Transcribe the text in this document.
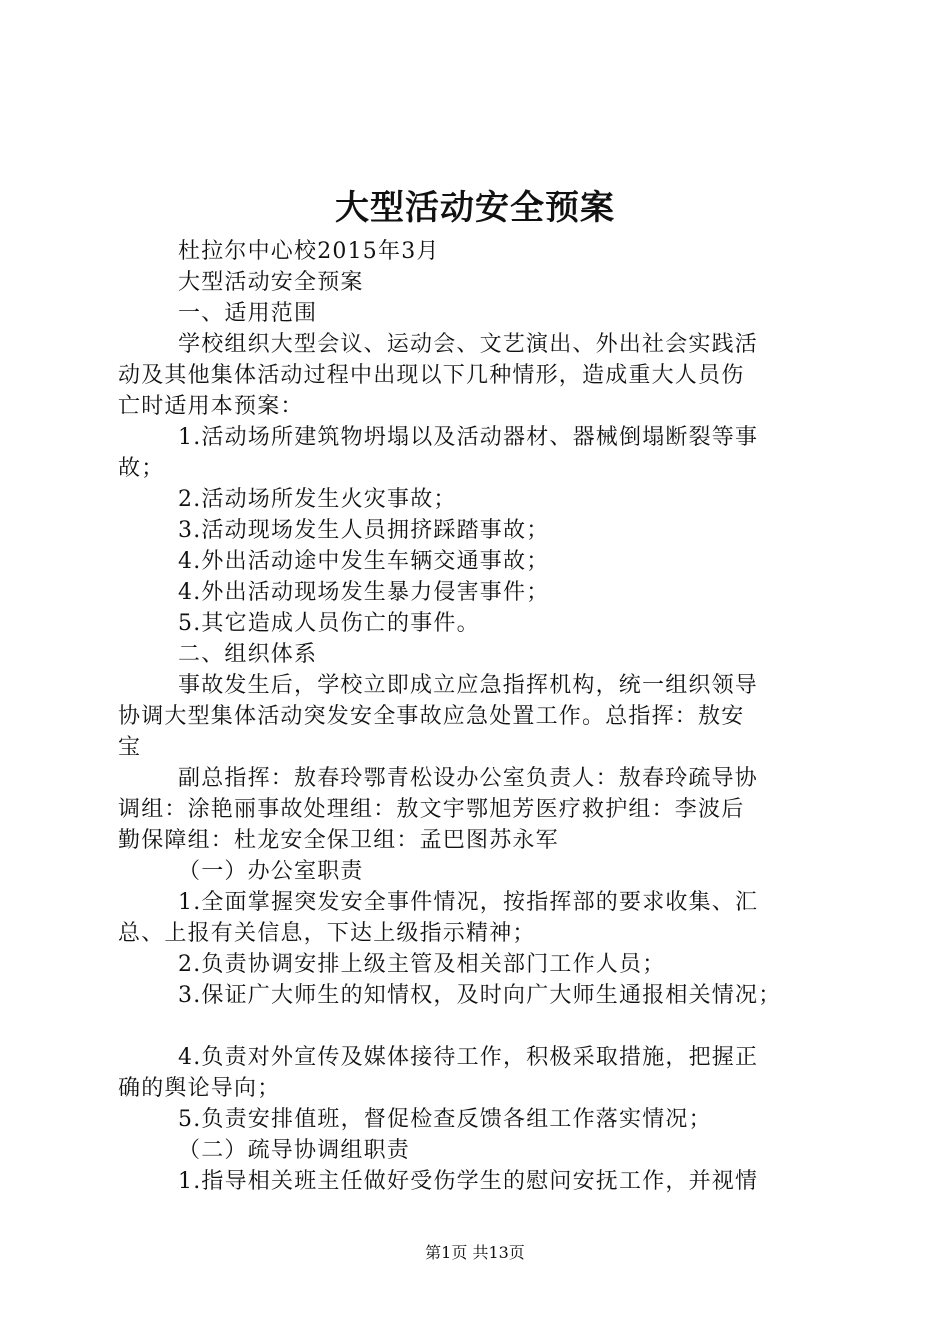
大型活动安全预案
杜拉尔中心校2015年3月
大型活动安全预案
一、适用范围
学校组织大型会议、运动会、文艺演出、外出社会实践活
动及其他集体活动过程中出现以下几种情形，造成重大人员伤
亡时适用本预案：
1.活动场所建筑物坍塌以及活动器材、器械倒塌断裂等事
故；
2.活动场所发生火灾事故；
3.活动现场发生人员拥挤踩踏事故；
4.外出活动途中发生车辆交通事故；
4.外出活动现场发生暴力侵害事件；
5.其它造成人员伤亡的事件。
二、组织体系
事故发生后，学校立即成立应急指挥机构，统一组织领导
协调大型集体活动突发安全事故应急处置工作。总指挥：敖安
宝
副总指挥：敖春玲鄂青松设办公室负责人：敖春玲疏导协
调组：涂艳丽事故处理组：敖文宇鄂旭芳医疗救护组：李波后
勤保障组：杜龙安全保卫组：孟巴图苏永军
（一）办公室职责
1.全面掌握突发安全事件情况，按指挥部的要求收集、汇
总、上报有关信息，下达上级指示精神；
2.负责协调安排上级主管及相关部门工作人员；
3.保证广大师生的知情权，及时向广大师生通报相关情况；
4.负责对外宣传及媒体接待工作，积极采取措施，把握正
确的舆论导向；
5.负责安排值班，督促检查反馈各组工作落实情况；
（二）疏导协调组职责
1.指导相关班主任做好受伤学生的慰问安抚工作，并视情
第1页 共13页
